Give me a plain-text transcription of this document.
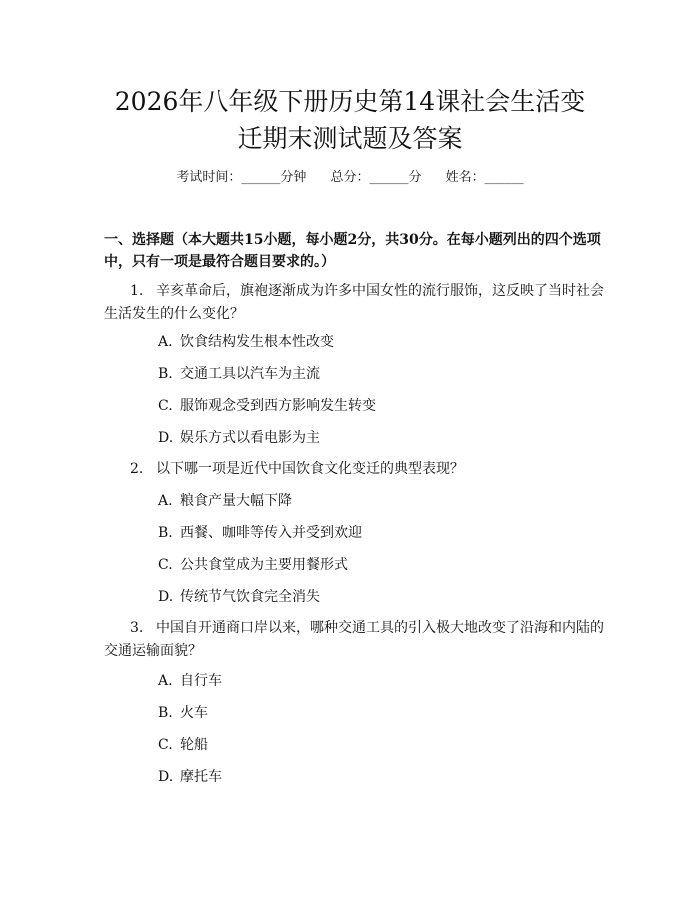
2026年八年级下册历史第14课社会生活变
迁期末测试题及答案
考试时间：______分钟 总分：______分 姓名：______
一、选择题（本大题共15小题，每小题2分，共30分。在每小题列出的四个选项中，只有一项是最符合题目要求的。）
1. 辛亥革命后，旗袍逐渐成为许多中国女性的流行服饰，这反映了当时社会生活发生的什么变化？
A. 饮食结构发生根本性改变
B. 交通工具以汽车为主流
C. 服饰观念受到西方影响发生转变
D. 娱乐方式以看电影为主
2. 以下哪一项是近代中国饮食文化变迁的典型表现？
A. 粮食产量大幅下降
B. 西餐、咖啡等传入并受到欢迎
C. 公共食堂成为主要用餐形式
D. 传统节气饮食完全消失
3. 中国自开通商口岸以来，哪种交通工具的引入极大地改变了沿海和内陆的交通运输面貌？
A. 自行车
B. 火车
C. 轮船
D. 摩托车
